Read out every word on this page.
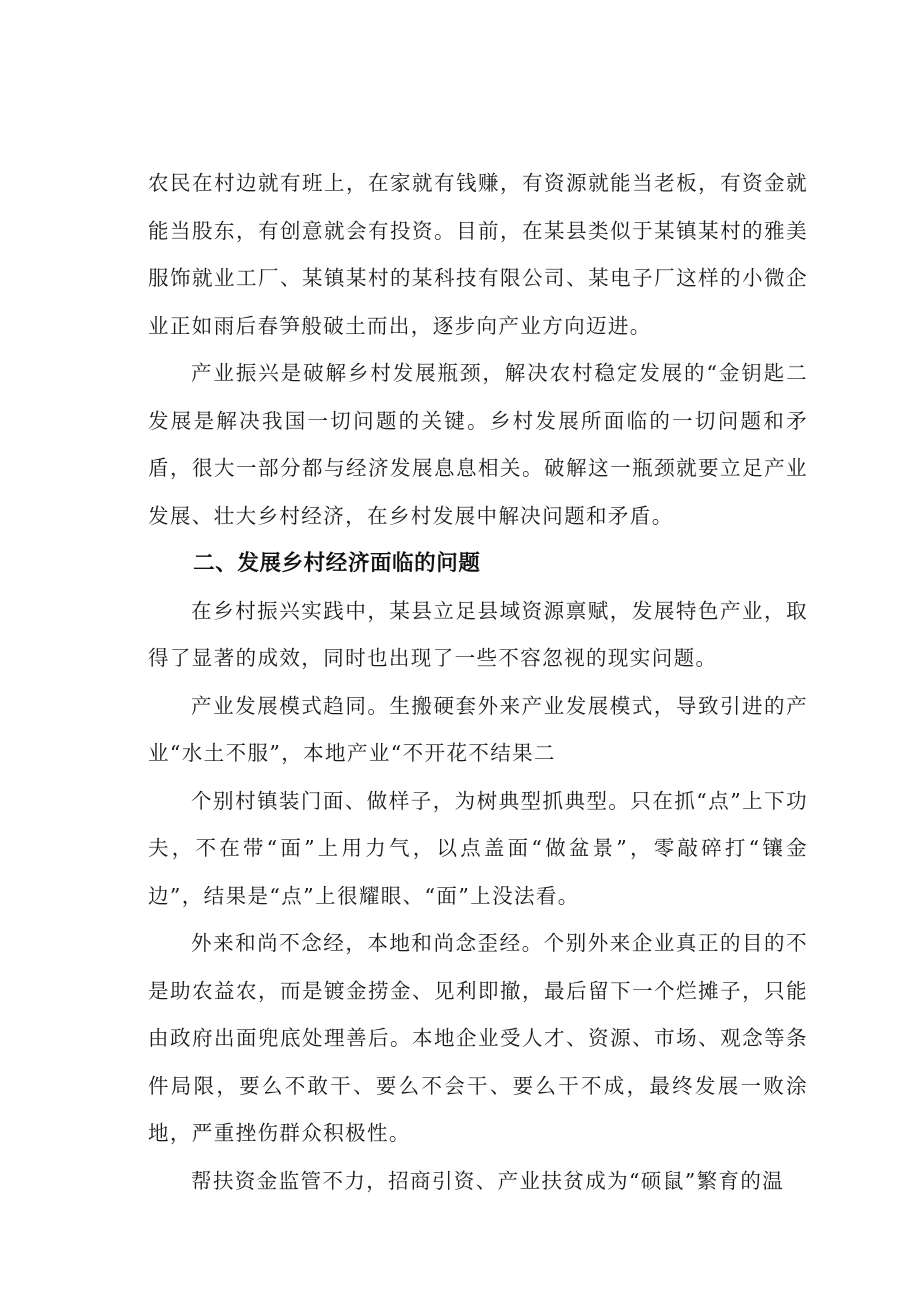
农民在村边就有班上，在家就有钱赚，有资源就能当老板，有资金就能当股东，有创意就会有投资。目前，在某县类似于某镇某村的雅美服饰就业工厂、某镇某村的某科技有限公司、某电子厂这样的小微企业正如雨后春笋般破土而出，逐步向产业方向迈进。

产业振兴是破解乡村发展瓶颈，解决农村稳定发展的“金钥匙二发展是解决我国一切问题的关键。乡村发展所面临的一切问题和矛盾，很大一部分都与经济发展息息相关。破解这一瓶颈就要立足产业发展、壮大乡村经济，在乡村发展中解决问题和矛盾。

二、发展乡村经济面临的问题

在乡村振兴实践中，某县立足县域资源禀赋，发展特色产业，取得了显著的成效，同时也出现了一些不容忽视的现实问题。

产业发展模式趋同。生搬硬套外来产业发展模式，导致引进的产业“水土不服”，本地产业“不开花不结果二

个别村镇装门面、做样子，为树典型抓典型。只在抓“点”上下功夫，不在带“面”上用力气，以点盖面“做盆景”，零敲碎打“镶金边”，结果是“点”上很耀眼、“面”上没法看。

外来和尚不念经，本地和尚念歪经。个别外来企业真正的目的不是助农益农，而是镀金捞金、见利即撤，最后留下一个烂摊子，只能由政府出面兜底处理善后。本地企业受人才、资源、市场、观念等条件局限，要么不敢干、要么不会干、要么干不成，最终发展一败涂地，严重挫伤群众积极性。

帮扶资金监管不力，招商引资、产业扶贫成为“硕鼠”繁育的温
